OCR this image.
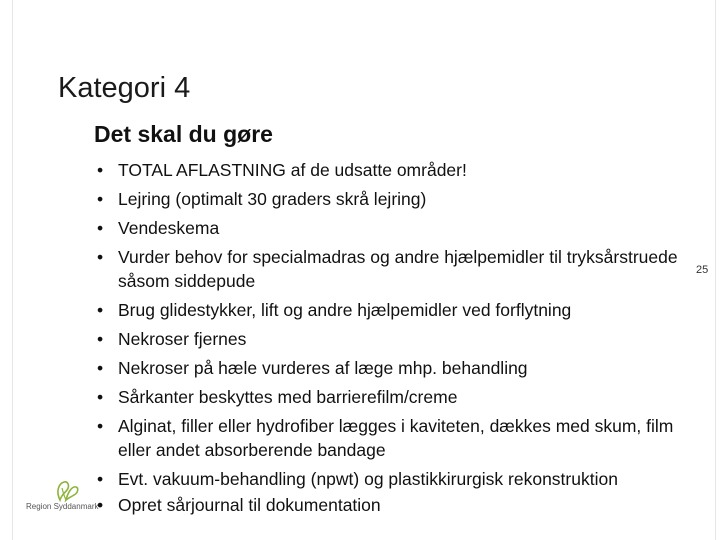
Kategori 4
Det skal du gøre
• TOTAL AFLASTNING af de udsatte områder!
• Lejring (optimalt 30 graders skrå lejring)
• Vendeskema
• Vurder behov for specialmadras og andre hjælpemidler til tryksårstruede såsom siddepude
• Brug glidestykker, lift og andre hjælpemidler ved forflytning
• Nekroser fjernes
• Nekroser på hæle vurderes af læge mhp. behandling
• Sårkanter beskyttes med barrierefilm/creme
• Alginat, filler eller hydrofiber lægges i kaviteten, dækkes med skum, film eller andet absorberende bandage
• Evt. vakuum-behandling (npwt) og plastikkirurgisk rekonstruktion
• Opret sårjournal til dokumentation
25
Region Syddanmark
